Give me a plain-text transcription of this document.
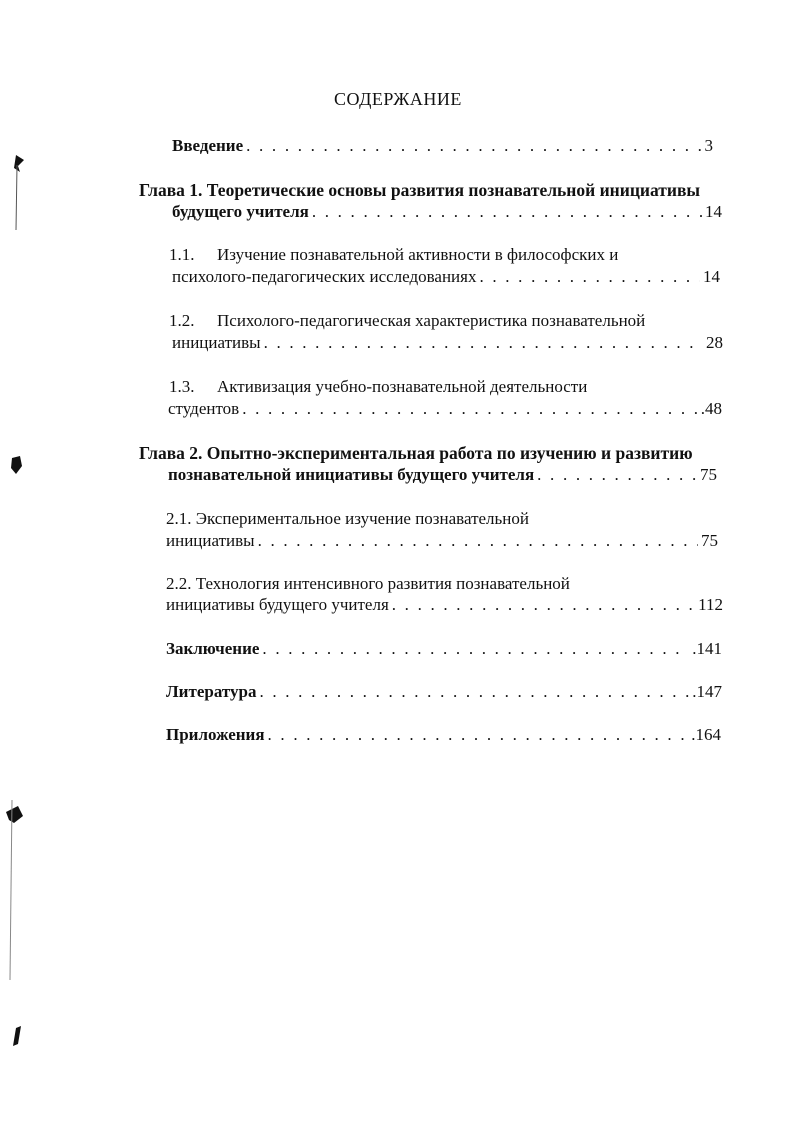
СОДЕРЖАНИЕ
Введение . . .	3
Глава 1. Теоретические основы развития познавательной инициативы
будущего учителя . . .	14
1.1. Изучение познавательной активности в философских и
психолого-педагогических исследованиях . . .	14
1.2. Психолого-педагогическая характеристика познавательной
инициативы . . .	28
1.3. Активизация учебно-познавательной деятельности
студентов . . .	.48
Глава 2. Опытно-экспериментальная работа по изучению и развитию
познавательной инициативы будущего учителя . . .	75
2.1. Экспериментальное изучение познавательной
инициативы . . .	75
2.2. Технология интенсивного развития познавательной
инициативы будущего учителя . . .	112
Заключение . . .	.141
Литература . . .	.147
Приложения . . .	.164
